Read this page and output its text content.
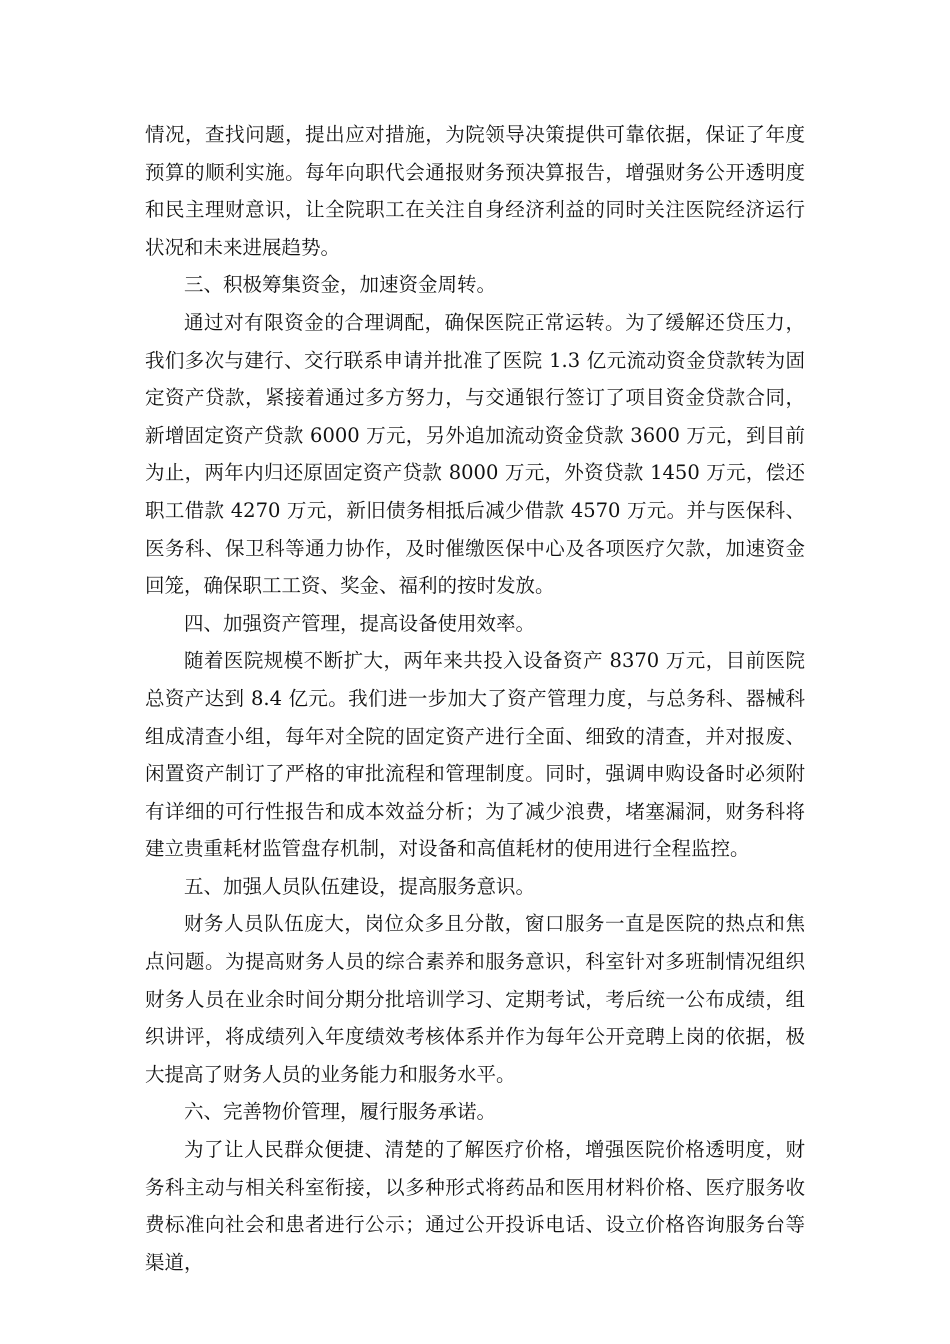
情况，查找问题，提出应对措施，为院领导决策提供可靠依据，保证了年度预算的顺利实施。每年向职代会通报财务预决算报告，增强财务公开透明度和民主理财意识，让全院职工在关注自身经济利益的同时关注医院经济运行状况和未来进展趋势。

三、积极筹集资金，加速资金周转。

通过对有限资金的合理调配，确保医院正常运转。为了缓解还贷压力，我们多次与建行、交行联系申请并批准了医院 1.3 亿元流动资金贷款转为固定资产贷款，紧接着通过多方努力，与交通银行签订了项目资金贷款合同，新增固定资产贷款 6000 万元，另外追加流动资金贷款 3600 万元，到目前为止，两年内归还原固定资产贷款 8000 万元，外资贷款 1450 万元，偿还职工借款 4270 万元，新旧债务相抵后减少借款 4570 万元。并与医保科、医务科、保卫科等通力协作，及时催缴医保中心及各项医疗欠款，加速资金回笼，确保职工工资、奖金、福利的按时发放。

四、加强资产管理，提高设备使用效率。

随着医院规模不断扩大，两年来共投入设备资产 8370 万元，目前医院总资产达到 8.4 亿元。我们进一步加大了资产管理力度，与总务科、器械科组成清查小组，每年对全院的固定资产进行全面、细致的清查，并对报废、闲置资产制订了严格的审批流程和管理制度。同时，强调申购设备时必须附有详细的可行性报告和成本效益分析；为了减少浪费，堵塞漏洞，财务科将建立贵重耗材监管盘存机制，对设备和高值耗材的使用进行全程监控。

五、加强人员队伍建设，提高服务意识。

财务人员队伍庞大，岗位众多且分散，窗口服务一直是医院的热点和焦点问题。为提高财务人员的综合素养和服务意识，科室针对多班制情况组织财务人员在业余时间分期分批培训学习、定期考试，考后统一公布成绩，组织讲评，将成绩列入年度绩效考核体系并作为每年公开竞聘上岗的依据，极大提高了财务人员的业务能力和服务水平。

六、完善物价管理，履行服务承诺。

为了让人民群众便捷、清楚的了解医疗价格，增强医院价格透明度，财务科主动与相关科室衔接，以多种形式将药品和医用材料价格、医疗服务收费标准向社会和患者进行公示；通过公开投诉电话、设立价格咨询服务台等渠道，
